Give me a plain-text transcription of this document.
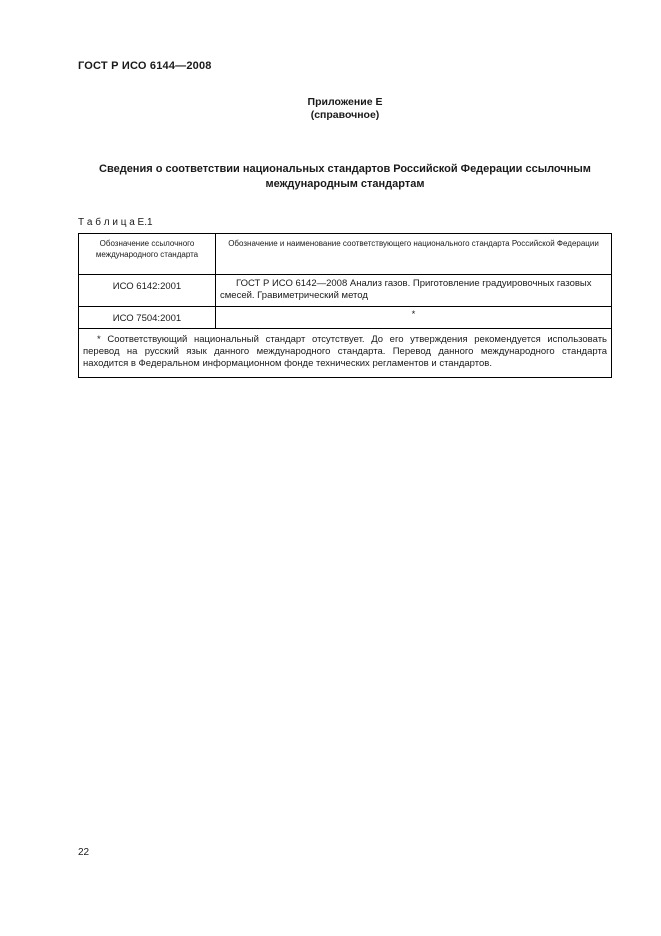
ГОСТ Р ИСО 6144—2008
Приложение Е
(справочное)
Сведения о соответствии национальных стандартов Российской Федерации ссылочным международным стандартам
Т а б л и ц а Е.1
Обозначение ссылочного международного стандарта	Обозначение и наименование соответствующего национального стандарта Российской Федерации
ИСО 6142:2001	ГОСТ Р ИСО 6142—2008 Анализ газов. Приготовление градуировочных газовых смесей. Гравиметрический метод

ИСО 7504:2001	*

* Соответствующий национальный стандарт отсутствует. До его утверждения рекомендуется использовать перевод на русский язык данного международного стандарта. Перевод данного международного стандарта находится в Федеральном информационном фонде технических регламентов и стандартов.	
22
